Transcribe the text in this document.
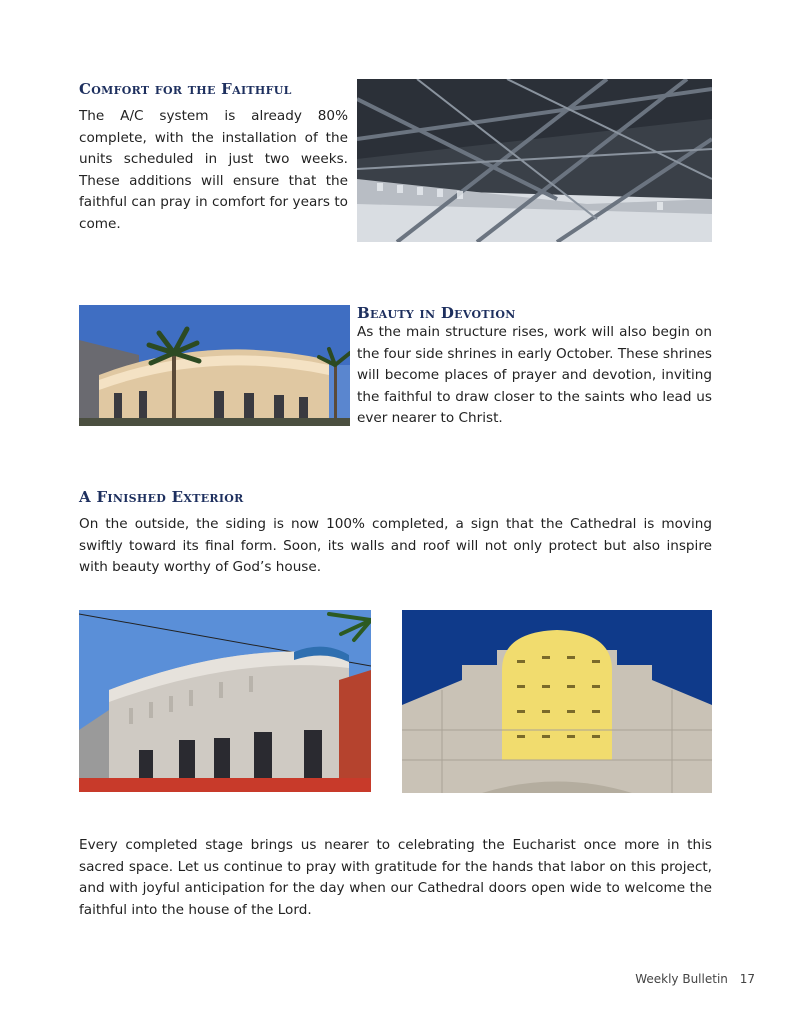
Comfort for the Faithful

The A/C system is already 80% complete, with the installation of the units scheduled in just two weeks. These additions will ensure that the faithful can pray in comfort for years to come.

Beauty in Devotion

As the main structure rises, work will also begin on the four side shrines in early October. These shrines will become places of prayer and devotion, inviting the faithful to draw closer to the saints who lead us ever nearer to Christ.

A Finished Exterior

On the outside, the siding is now 100% completed, a sign that the Cathedral is moving swiftly toward its final form. Soon, its walls and roof will not only protect but also inspire with beauty worthy of God’s house.

Every completed stage brings us nearer to celebrating the Eucharist once more in this sacred space. Let us continue to pray with gratitude for the hands that labor on this project, and with joyful anticipation for the day when our Cathedral doors open wide to welcome the faithful into the house of the Lord.

Weekly Bulletin 17
